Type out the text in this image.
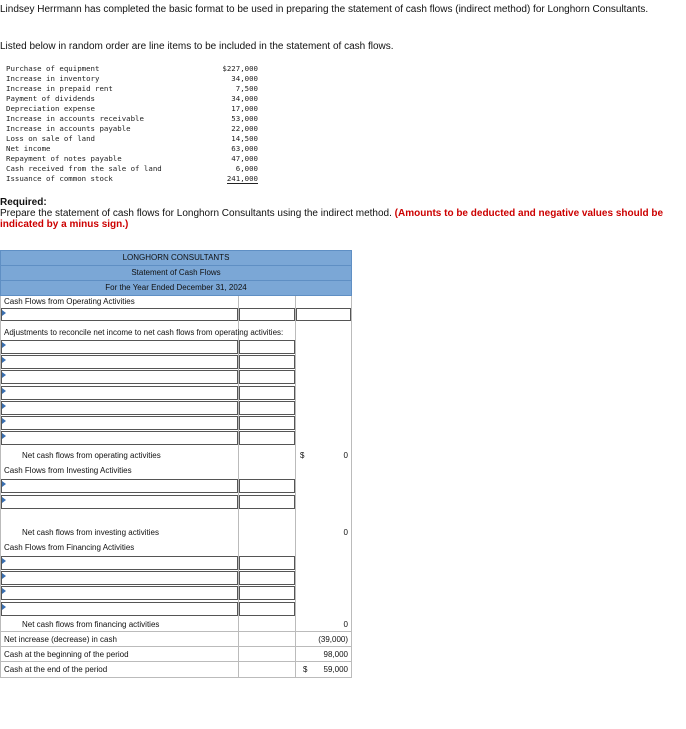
Lindsey Herrmann has completed the basic format to be used in preparing the statement of cash flows (indirect method) for Longhorn Consultants.
Listed below in random order are line items to be included in the statement of cash flows.
Purchase of equipment	$227,000
Increase in inventory	34,000
Increase in prepaid rent	7,500
Payment of dividends	34,000
Depreciation expense	17,000
Increase in accounts receivable	53,000
Increase in accounts payable	22,000
Loss on sale of land	14,500
Net income	63,000
Repayment of notes payable	47,000
Cash received from the sale of land	6,000
Issuance of common stock	241,000
Required:
Prepare the statement of cash flows for Longhorn Consultants using the indirect method. (Amounts to be deducted and negative values should be indicated by a minus sign.)
LONGHORN CONSULTANTS
Statement of Cash Flows
For the Year Ended December 31, 2024
Cash Flows from Operating Activities
Adjustments to reconcile net income to net cash flows from operating activities:
Net cash flows from operating activities	$	0
Cash Flows from Investing Activities
Net cash flows from investing activities	0
Cash Flows from Financing Activities
Net cash flows from financing activities	0
Net increase (decrease) in cash	(39,000)
Cash at the beginning of the period	98,000
Cash at the end of the period	$	59,000
